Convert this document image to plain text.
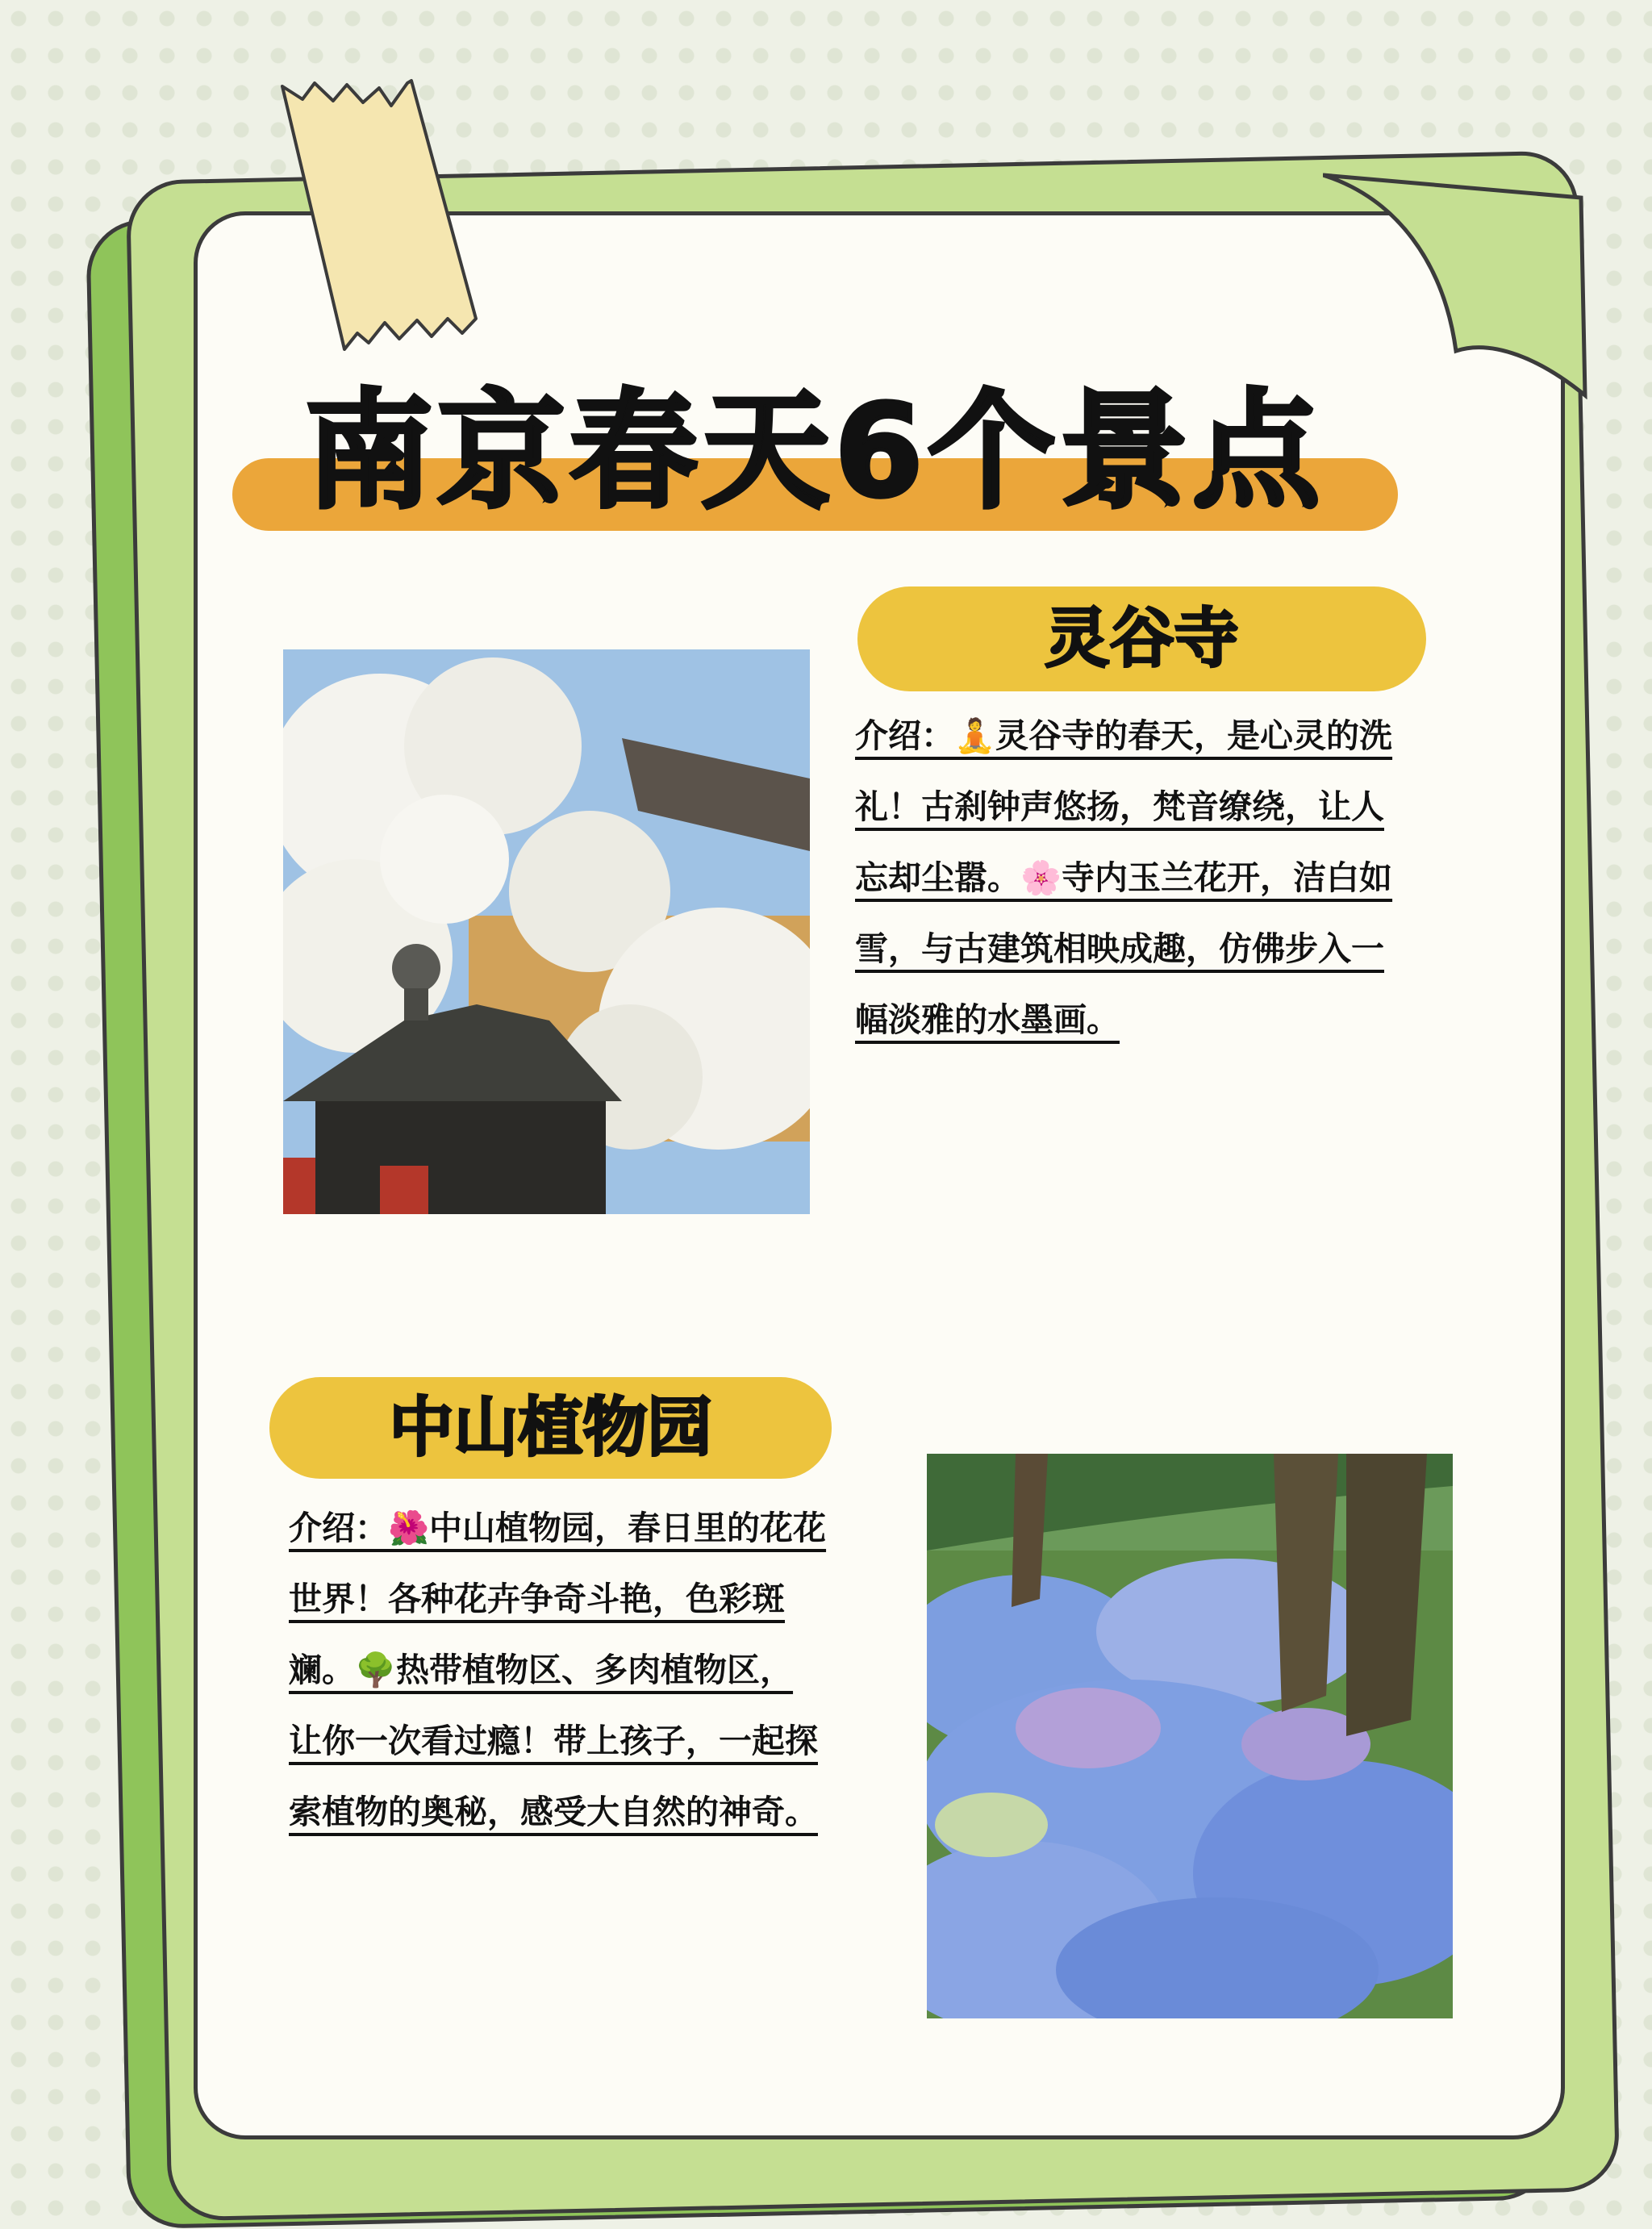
南京春天6个景点
灵谷寺
介绍：🧘灵谷寺的春天，是心灵的洗
礼！古刹钟声悠扬，梵音缭绕，让人
忘却尘嚣。🌸寺内玉兰花开，洁白如
雪，与古建筑相映成趣，仿佛步入一
幅淡雅的水墨画。
中山植物园
介绍：🌺中山植物园，春日里的花花
世界！各种花卉争奇斗艳，色彩斑
斓。🌳热带植物区、多肉植物区，
让你一次看过瘾！带上孩子，一起探
索植物的奥秘，感受大自然的神奇。
